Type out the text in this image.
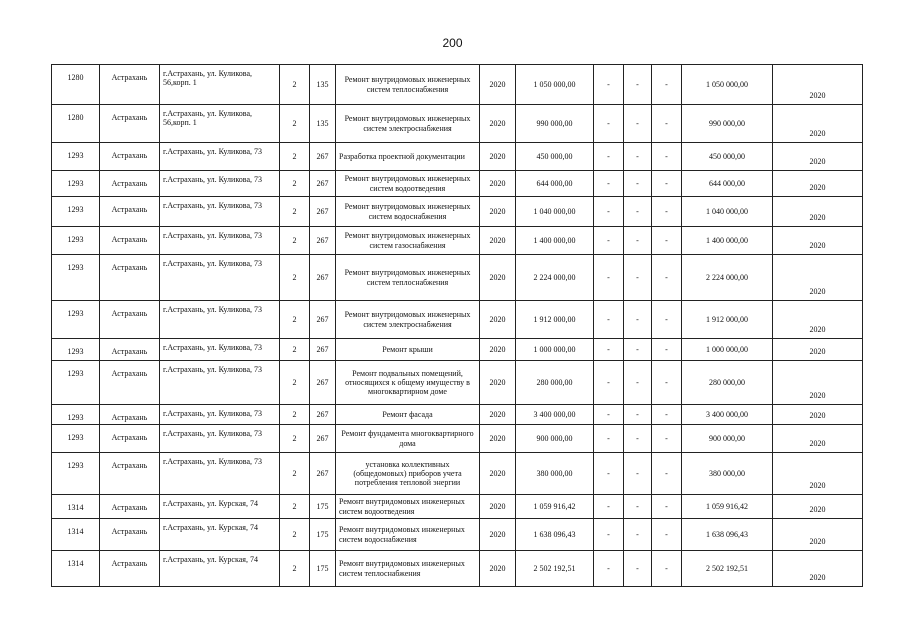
200
1280	Астрахань	г.Астрахань, ул. Куликова, 56,корп. 1	2	135	Ремонт внутридомовых инженерных систем теплоснабжения	2020	1 050 000,00	-	-	-	1 050 000,00	2020
1280	Астрахань	г.Астрахань, ул. Куликова, 56,корп. 1	2	135	Ремонт внутридомовых инженерных систем электроснабжения	2020	990 000,00	-	-	-	990 000,00	2020
1293	Астрахань	г.Астрахань, ул. Куликова, 73	2	267	Разработка проектной документации	2020	450 000,00	-	-	-	450 000,00	2020
1293	Астрахань	г.Астрахань, ул. Куликова, 73	2	267	Ремонт внутридомовых инженерных систем водоотведения	2020	644 000,00	-	-	-	644 000,00	2020
1293	Астрахань	г.Астрахань, ул. Куликова, 73	2	267	Ремонт внутридомовых инженерных систем водоснабжения	2020	1 040 000,00	-	-	-	1 040 000,00	2020
1293	Астрахань	г.Астрахань, ул. Куликова, 73	2	267	Ремонт внутридомовых инженерных систем газоснабжения	2020	1 400 000,00	-	-	-	1 400 000,00	2020
1293	Астрахань	г.Астрахань, ул. Куликова, 73	2	267	Ремонт внутридомовых инженерных систем теплоснабжения	2020	2 224 000,00	-	-	-	2 224 000,00	2020
1293	Астрахань	г.Астрахань, ул. Куликова, 73	2	267	Ремонт внутридомовых инженерных систем электроснабжения	2020	1 912 000,00	-	-	-	1 912 000,00	2020
1293	Астрахань	г.Астрахань, ул. Куликова, 73	2	267	Ремонт крыши	2020	1 000 000,00	-	-	-	1 000 000,00	2020
1293	Астрахань	г.Астрахань, ул. Куликова, 73	2	267	Ремонт подвальных помещений, относящихся к общему имуществу в многоквартирном доме	2020	280 000,00	-	-	-	280 000,00	2020
1293	Астрахань	г.Астрахань, ул. Куликова, 73	2	267	Ремонт фасада	2020	3 400 000,00	-	-	-	3 400 000,00	2020
1293	Астрахань	г.Астрахань, ул. Куликова, 73	2	267	Ремонт фундамента многоквартирного дома	2020	900 000,00	-	-	-	900 000,00	2020
1293	Астрахань	г.Астрахань, ул. Куликова, 73	2	267	установка коллективных (общедомовых) приборов учета потребления тепловой энергии	2020	380 000,00	-	-	-	380 000,00	2020
1314	Астрахань	г.Астрахань, ул. Курская, 74	2	175	Ремонт внутридомовых инженерных систем водоотведения	2020	1 059 916,42	-	-	-	1 059 916,42	2020
1314	Астрахань	г.Астрахань, ул. Курская, 74	2	175	Ремонт внутридомовых инженерных систем водоснабжения	2020	1 638 096,43	-	-	-	1 638 096,43	2020
1314	Астрахань	г.Астрахань, ул. Курская, 74	2	175	Ремонт внутридомовых инженерных систем теплоснабжения	2020	2 502 192,51	-	-	-	2 502 192,51	2020
